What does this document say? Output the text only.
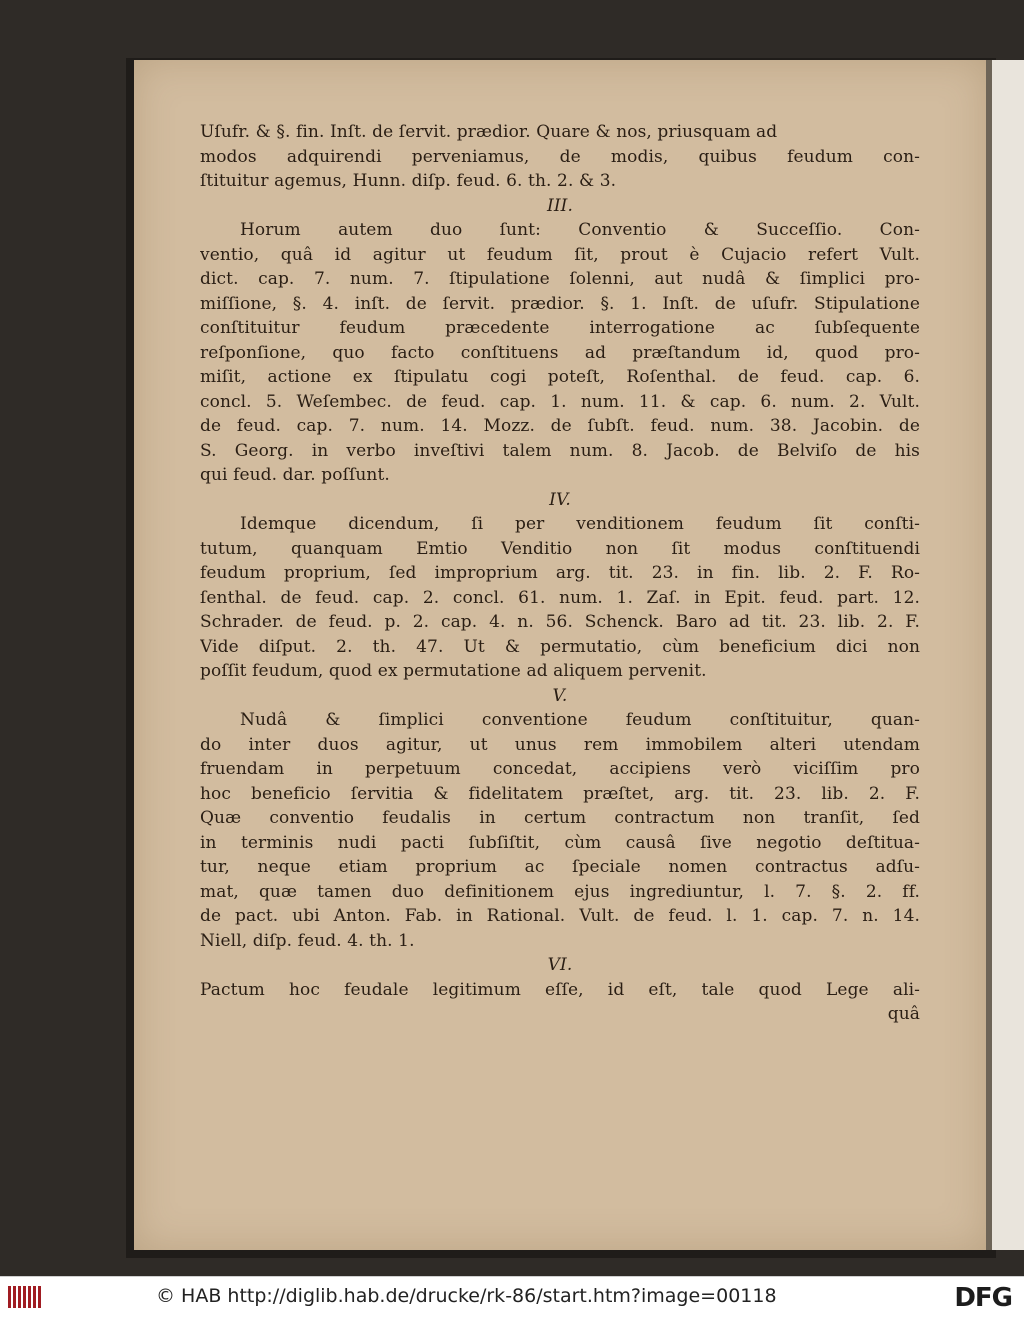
Uſufr. & §. fin. Inſt. de ſervit. prædior. Quare & nos, priusquam ad
modos adquirendi perveniamus, de modis, quibus feudum con-
ſtituitur agemus, Hunn. diſp. feud. 6. th. 2. & 3.
III.
Horum autem duo ſunt: Conventio & Succeſſio. Con-
ventio, quâ id agitur ut feudum ſit, prout è Cujacio refert Vult.
dict. cap. 7. num. 7. ſtipulatione ſolenni, aut nudâ & ſimplici pro-
miſſione, §. 4. inſt. de ſervit. prædior. §. 1. Inſt. de uſufr. Stipulatione
conſtituitur feudum præcedente interrogatione ac ſubſequente
reſponſione, quo facto conſtituens ad præſtandum id, quod pro-
miſit, actione ex ſtipulatu cogi poteſt, Roſenthal. de feud. cap. 6.
concl. 5. Weſembec. de feud. cap. 1. num. 11. & cap. 6. num. 2. Vult.
de feud. cap. 7. num. 14. Mozz. de ſubſt. feud. num. 38. Jacobin. de
S. Georg. in verbo inveſtivi talem num. 8. Jacob. de Belviſo de his
qui feud. dar. poſſunt.
IV.
Idemque dicendum, ſi per venditionem feudum ſit conſti-
tutum, quanquam Emtio Venditio non ſit modus conſtituendi
feudum proprium, ſed improprium arg. tit. 23. in fin. lib. 2. F. Ro-
ſenthal. de feud. cap. 2. concl. 61. num. 1. Zaſ. in Epit. feud. part. 12.
Schrader. de feud. p. 2. cap. 4. n. 56. Schenck. Baro ad tit. 23. lib. 2. F.
Vide diſput. 2. th. 47. Ut & permutatio, cùm beneficium dici non
poſſit feudum, quod ex permutatione ad aliquem pervenit.
V.
Nudâ & ſimplici conventione feudum conſtituitur, quan-
do inter duos agitur, ut unus rem immobilem alteri utendam
fruendam in perpetuum concedat, accipiens verò viciſſim pro
hoc beneficio ſervitia & fidelitatem præſtet, arg. tit. 23. lib. 2. F.
Quæ conventio feudalis in certum contractum non tranſit, ſed
in terminis nudi pacti ſubſiſtit, cùm causâ ſive negotio deſtitua-
tur, neque etiam proprium ac ſpeciale nomen contractus adſu-
mat, quæ tamen duo definitionem ejus ingrediuntur, l. 7. §. 2. ff.
de pact. ubi Anton. Fab. in Rational. Vult. de feud. l. 1. cap. 7. n. 14.
Niell, diſp. feud. 4. th. 1.
VI.
Pactum hoc feudale legitimum eſſe, id eſt, tale quod Lege ali-
quâ
© HAB http://diglib.hab.de/drucke/rk-86/start.htm?image=00118	DFG
